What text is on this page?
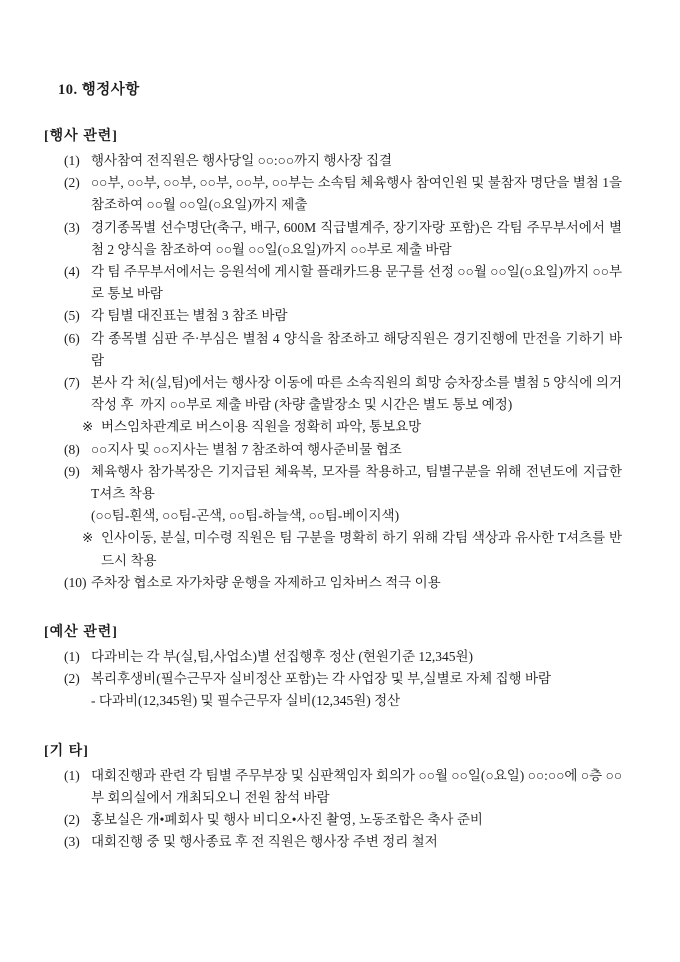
10. 행정사항
[행사 관련]
(1) 행사참여 전직원은 행사당일 ○○:○○까지 행사장 집결
(2) ○○부, ○○부, ○○부, ○○부, ○○부, ○○부는 소속팀 체육행사 참여인원 및 불참자 명단을 별첨 1을 참조하여 ○○월 ○○일(○요일)까지 제출
(3) 경기종목별 선수명단(축구, 배구, 600M 직급별계주, 장기자랑 포함)은 각팀 주무부서에서 별첨 2 양식을 참조하여 ○○월 ○○일(○요일)까지 ○○부로 제출 바람
(4) 각 팀 주무부서에서는 응원석에 게시할 플래카드용 문구를 선정 ○○월 ○○일(○요일)까지 ○○부로 통보 바람
(5) 각 팀별 대진표는 별첨 3 참조 바람
(6) 각 종목별 심판 주·부심은 별첨 4 양식을 참조하고 해당직원은 경기진행에 만전을 기하기 바람
(7) 본사 각 처(실,팀)에서는 행사장 이동에 따른 소속직원의 희망 승차장소를 별첨 5 양식에 의거 작성 후  까지 ○○부로 제출 바람 (차량 출발장소 및 시간은 별도 통보 예정)
※ 버스임차관계로 버스이용 직원을 정확히 파악, 통보요망
(8) ○○지사 및 ○○지사는 별첨 7 참조하여 행사준비물 협조
(9) 체육행사 참가복장은 기지급된 체육복, 모자를 착용하고, 팀별구분을 위해 전년도에 지급한 T셔츠 착용
(○○팀-흰색, ○○팀-곤색, ○○팀-하늘색, ○○팀-베이지색)
※ 인사이동, 분실, 미수령 직원은 팀 구분을 명확히 하기 위해 각팀 색상과 유사한 T셔츠를 반드시 착용
(10) 주차장 협소로 자가차량 운행을 자제하고 임차버스 적극 이용
[예산 관련]
(1) 다과비는 각 부(실,팀,사업소)별 선집행후 정산 (현원기준 12,345원)
(2) 복리후생비(필수근무자 실비정산 포함)는 각 사업장 및 부,실별로 자체 집행 바람
- 다과비(12,345원) 및 필수근무자 실비(12,345원) 정산
[기 타]
(1) 대회진행과 관련 각 팀별 주무부장 및 심판책임자 회의가 ○○월 ○○일(○요일) ○○:○○에 ○층 ○○부 회의실에서 개최되오니 전원 참석 바람
(2) 홍보실은 개•폐회사 및 행사 비디오•사진 촬영, 노동조합은 축사 준비
(3) 대회진행 중 및 행사종료 후 전 직원은 행사장 주변 정리 철저
